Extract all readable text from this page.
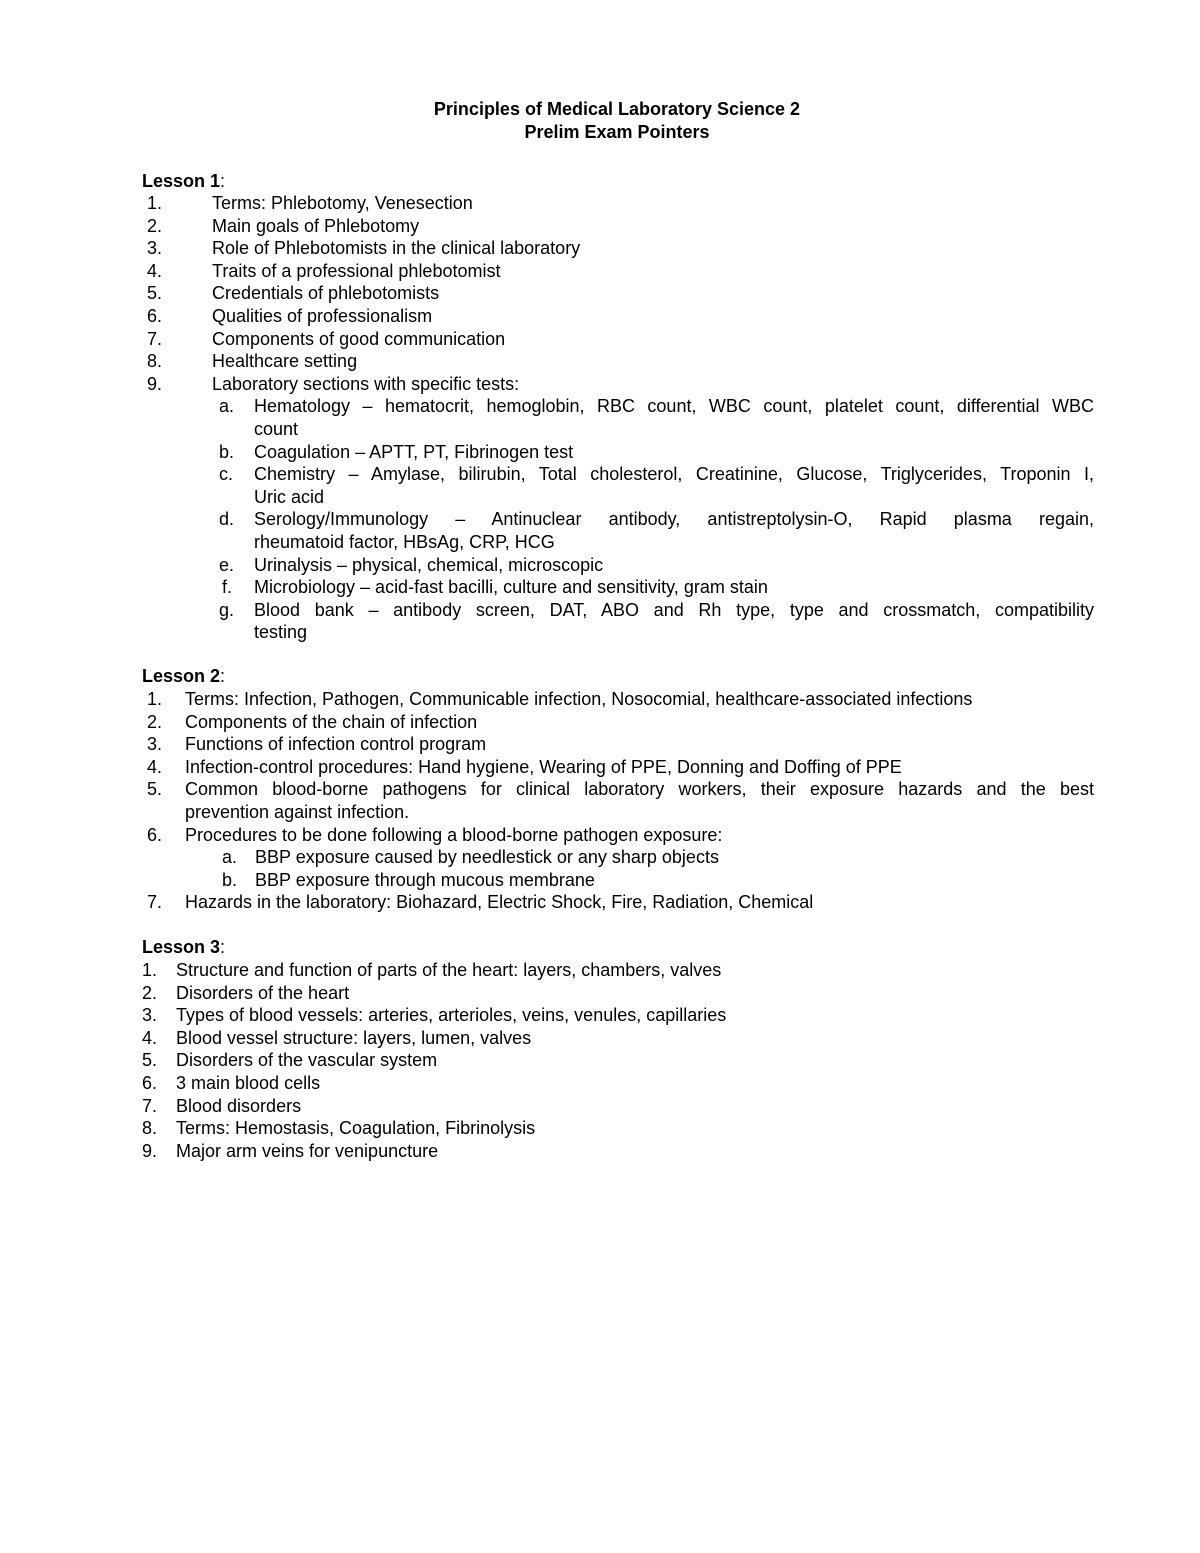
Principles of Medical Laboratory Science 2
Prelim Exam Pointers
Lesson 1:
1.	Terms: Phlebotomy, Venesection
2.	Main goals of Phlebotomy
3.	Role of Phlebotomists in the clinical laboratory
4.	Traits of a professional phlebotomist
5.	Credentials of phlebotomists
6.	Qualities of professionalism
7.	Components of good communication
8.	Healthcare setting
9.	Laboratory sections with specific tests:
a. Hematology – hematocrit, hemoglobin, RBC count, WBC count, platelet count, differential WBC
count
b. Coagulation – APTT, PT, Fibrinogen test
c. Chemistry – Amylase, bilirubin, Total cholesterol, Creatinine, Glucose, Triglycerides, Troponin I,
Uric acid
d. Serology/Immunology – Antinuclear antibody, antistreptolysin-O, Rapid plasma regain,
rheumatoid factor, HBsAg, CRP, HCG
e. Urinalysis – physical, chemical, microscopic
f. Microbiology – acid-fast bacilli, culture and sensitivity, gram stain
g. Blood bank – antibody screen, DAT, ABO and Rh type, type and crossmatch, compatibility
testing
Lesson 2:
1. Terms: Infection, Pathogen, Communicable infection, Nosocomial, healthcare-associated infections
2. Components of the chain of infection
3. Functions of infection control program
4. Infection-control procedures: Hand hygiene, Wearing of PPE, Donning and Doffing of PPE
5. Common blood-borne pathogens for clinical laboratory workers, their exposure hazards and the best
prevention against infection.
6. Procedures to be done following a blood-borne pathogen exposure:
a. BBP exposure caused by needlestick or any sharp objects
b. BBP exposure through mucous membrane
7. Hazards in the laboratory: Biohazard, Electric Shock, Fire, Radiation, Chemical
Lesson 3:
1. Structure and function of parts of the heart: layers, chambers, valves
2. Disorders of the heart
3. Types of blood vessels: arteries, arterioles, veins, venules, capillaries
4. Blood vessel structure: layers, lumen, valves
5. Disorders of the vascular system
6. 3 main blood cells
7. Blood disorders
8. Terms: Hemostasis, Coagulation, Fibrinolysis
9. Major arm veins for venipuncture
